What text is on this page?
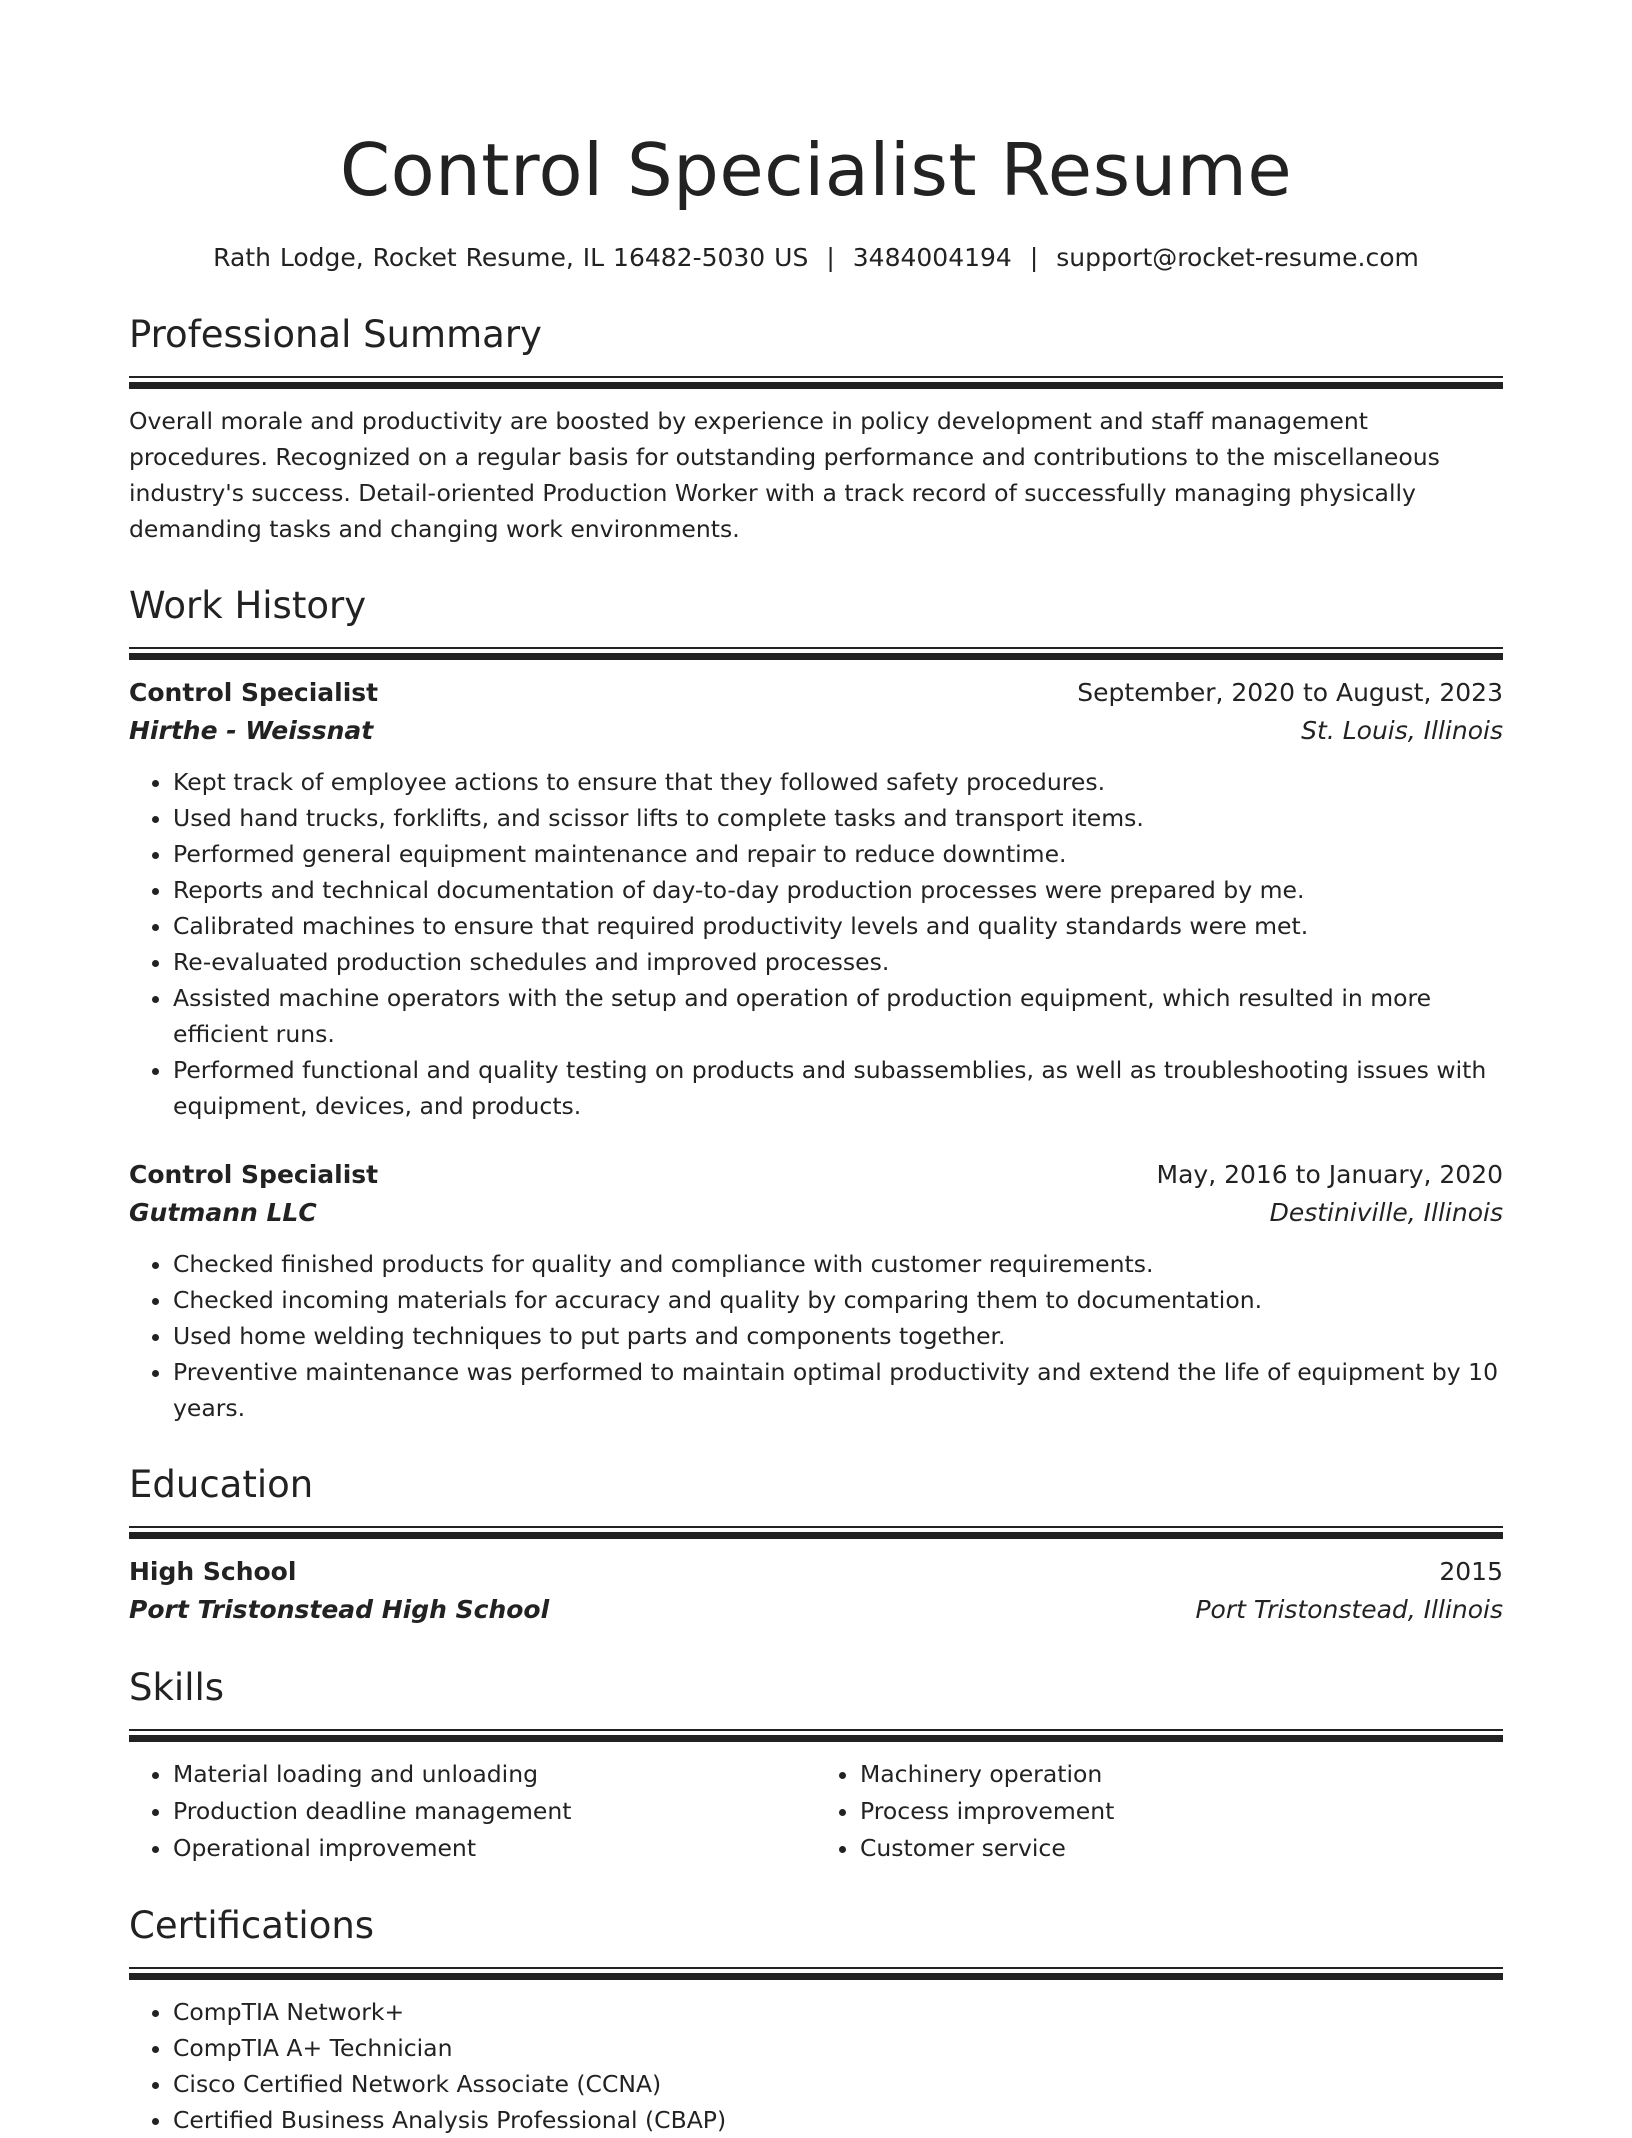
Control Specialist Resume
Rath Lodge, Rocket Resume, IL 16482-5030 US | 3484004194 | support@rocket-resume.com
Professional Summary
Overall morale and productivity are boosted by experience in policy development and staff management procedures. Recognized on a regular basis for outstanding performance and contributions to the miscellaneous industry's success. Detail-oriented Production Worker with a track record of successfully managing physically demanding tasks and changing work environments.
Work History
Control Specialist	September, 2020 to August, 2023
Hirthe - Weissnat	St. Louis, Illinois
• Kept track of employee actions to ensure that they followed safety procedures.
• Used hand trucks, forklifts, and scissor lifts to complete tasks and transport items.
• Performed general equipment maintenance and repair to reduce downtime.
• Reports and technical documentation of day-to-day production processes were prepared by me.
• Calibrated machines to ensure that required productivity levels and quality standards were met.
• Re-evaluated production schedules and improved processes.
• Assisted machine operators with the setup and operation of production equipment, which resulted in more efficient runs.
• Performed functional and quality testing on products and subassemblies, as well as troubleshooting issues with equipment, devices, and products.
Control Specialist	May, 2016 to January, 2020
Gutmann LLC	Destiniville, Illinois
• Checked finished products for quality and compliance with customer requirements.
• Checked incoming materials for accuracy and quality by comparing them to documentation.
• Used home welding techniques to put parts and components together.
• Preventive maintenance was performed to maintain optimal productivity and extend the life of equipment by 10 years.
Education
High School	2015
Port Tristonstead High School	Port Tristonstead, Illinois
Skills
• Material loading and unloading
• Production deadline management
• Operational improvement
• Machinery operation
• Process improvement
• Customer service
Certifications
• CompTIA Network+
• CompTIA A+ Technician
• Cisco Certified Network Associate (CCNA)
• Certified Business Analysis Professional (CBAP)
